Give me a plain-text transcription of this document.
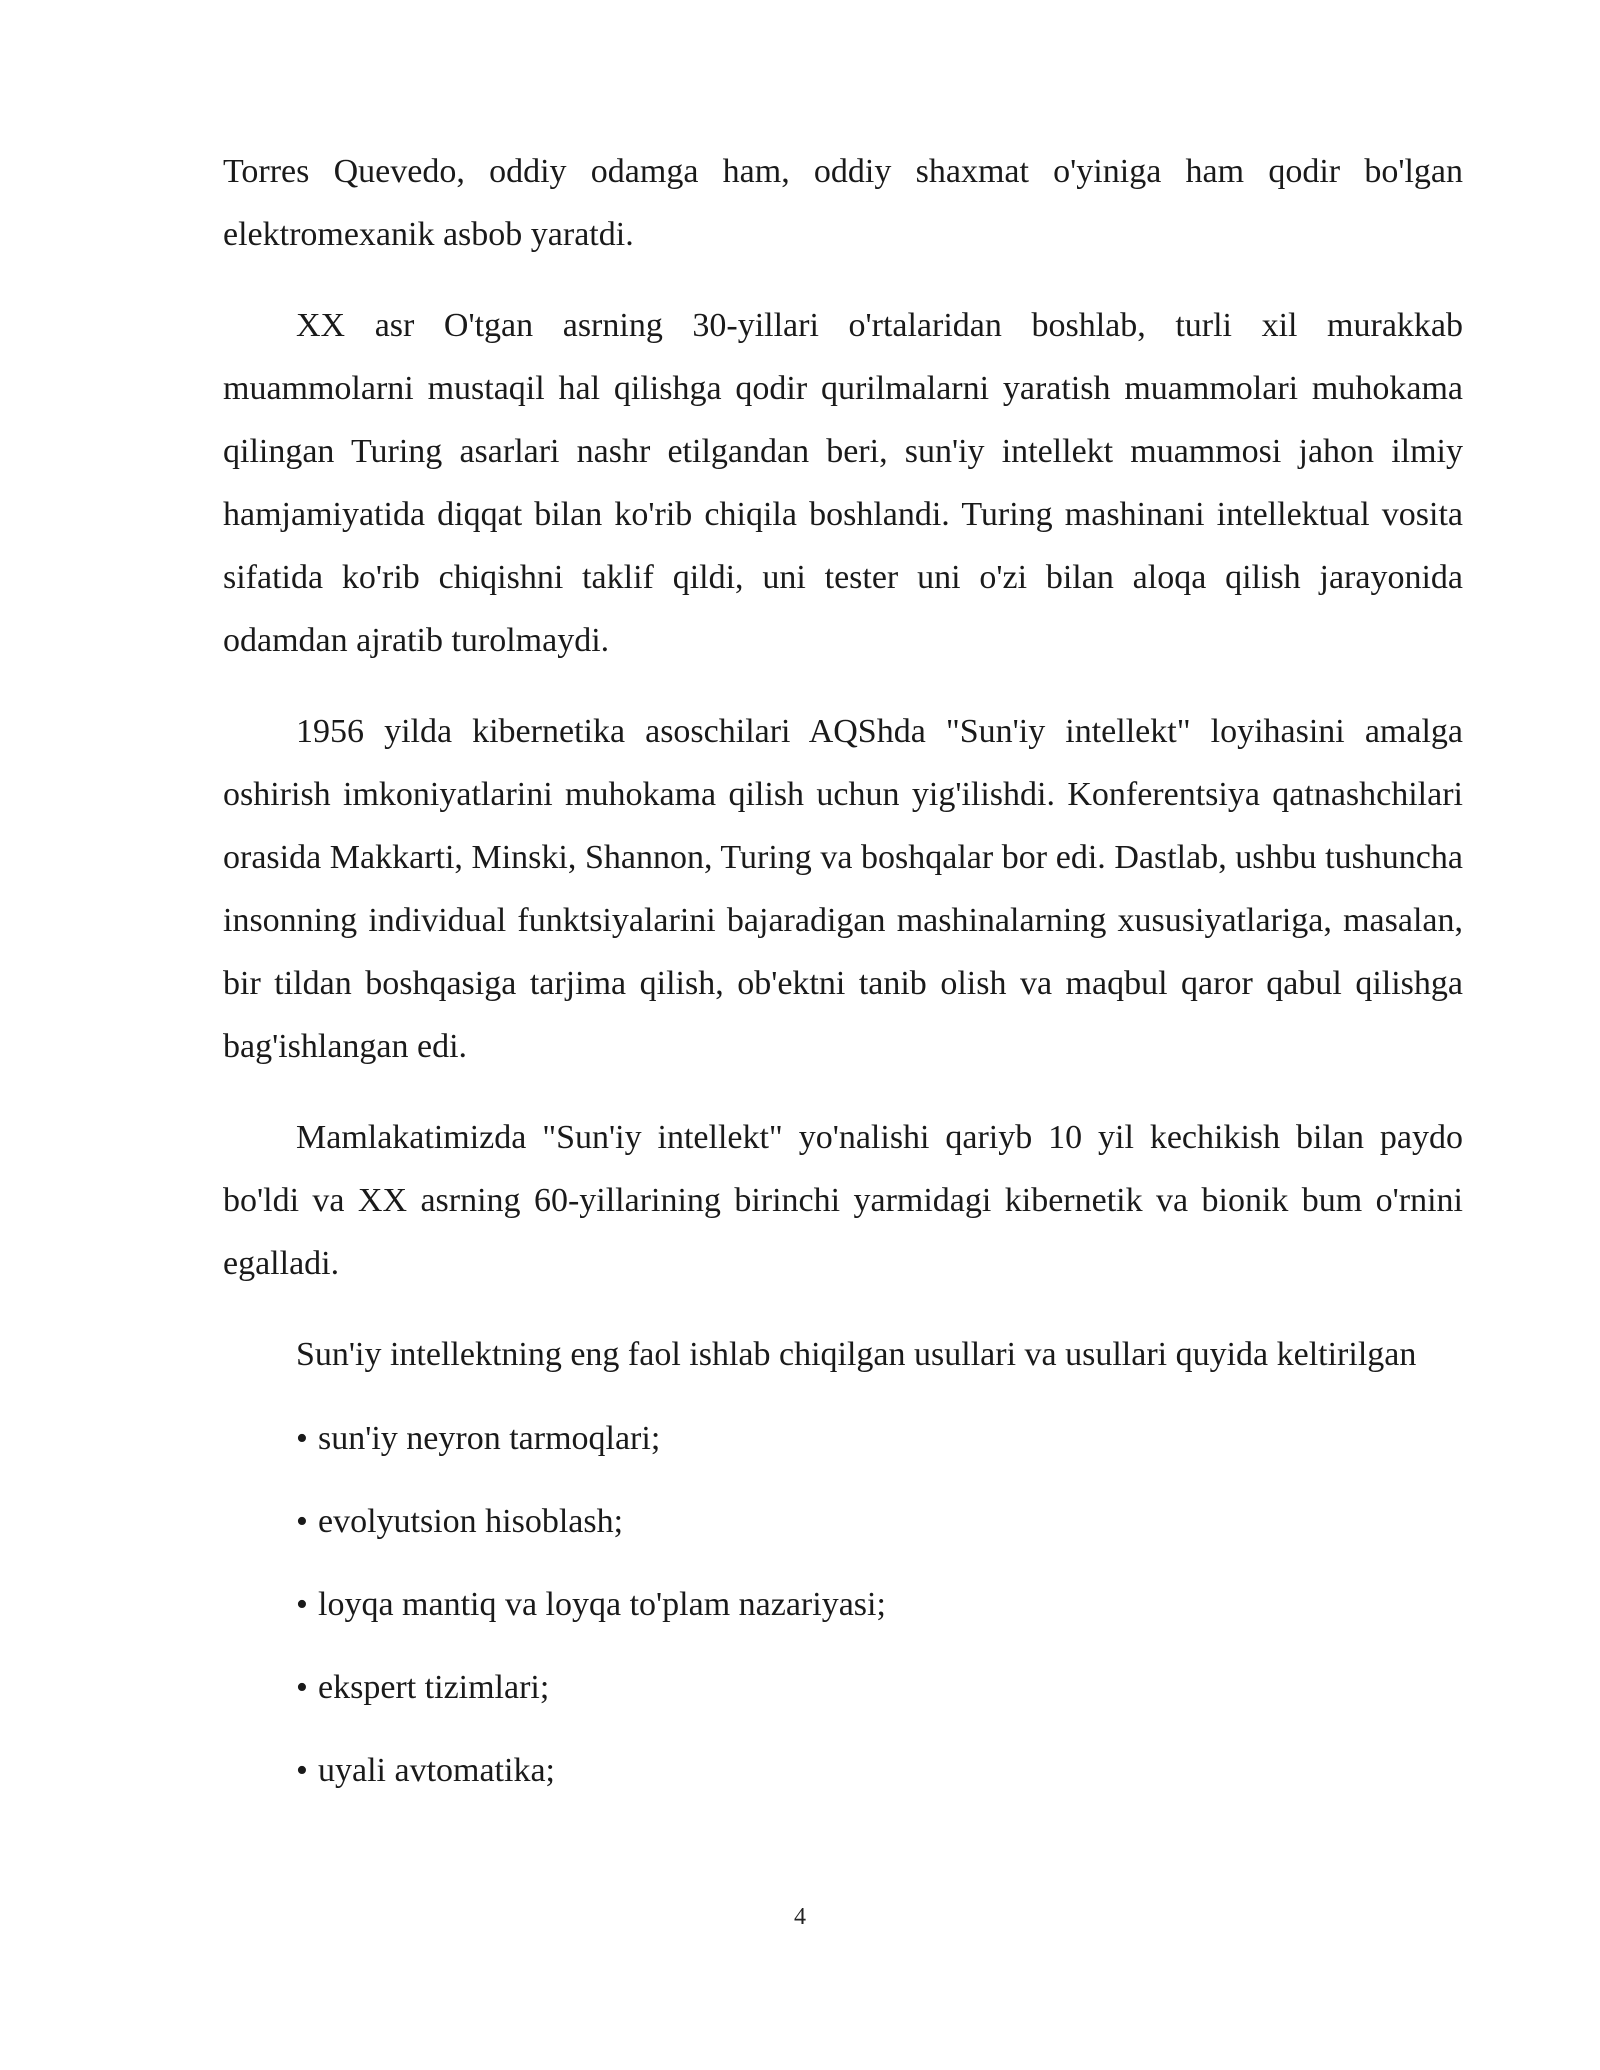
Torres Quevedo, oddiy odamga ham, oddiy shaxmat o'yiniga ham qodir bo'lgan elektromexanik asbob yaratdi.

XX asr O'tgan asrning 30-yillari o'rtalaridan boshlab, turli xil murakkab muammolarni mustaqil hal qilishga qodir qurilmalarni yaratish muammolari muhokama qilingan Turing asarlari nashr etilgandan beri, sun'iy intellekt muammosi jahon ilmiy hamjamiyatida diqqat bilan ko'rib chiqila boshlandi. Turing mashinani intellektual vosita sifatida ko'rib chiqishni taklif qildi, uni tester uni o'zi bilan aloqa qilish jarayonida odamdan ajratib turolmaydi.

1956 yilda kibernetika asoschilari AQShda "Sun'iy intellekt" loyihasini amalga oshirish imkoniyatlarini muhokama qilish uchun yig'ilishdi. Konferentsiya qatnashchilari orasida Makkarti, Minski, Shannon, Turing va boshqalar bor edi. Dastlab, ushbu tushuncha insonning individual funktsiyalarini bajaradigan mashinalarning xususiyatlariga, masalan, bir tildan boshqasiga tarjima qilish, ob'ektni tanib olish va maqbul qaror qabul qilishga bag'ishlangan edi.

Mamlakatimizda "Sun'iy intellekt" yo'nalishi qariyb 10 yil kechikish bilan paydo bo'ldi va XX asrning 60-yillarining birinchi yarmidagi kibernetik va bionik bum o'rnini egalladi.

Sun'iy intellektning eng faol ishlab chiqilgan usullari va usullari quyida keltirilgan

• sun'iy neyron tarmoqlari;
• evolyutsion hisoblash;
• loyqa mantiq va loyqa to'plam nazariyasi;
• ekspert tizimlari;
• uyali avtomatika;
4
